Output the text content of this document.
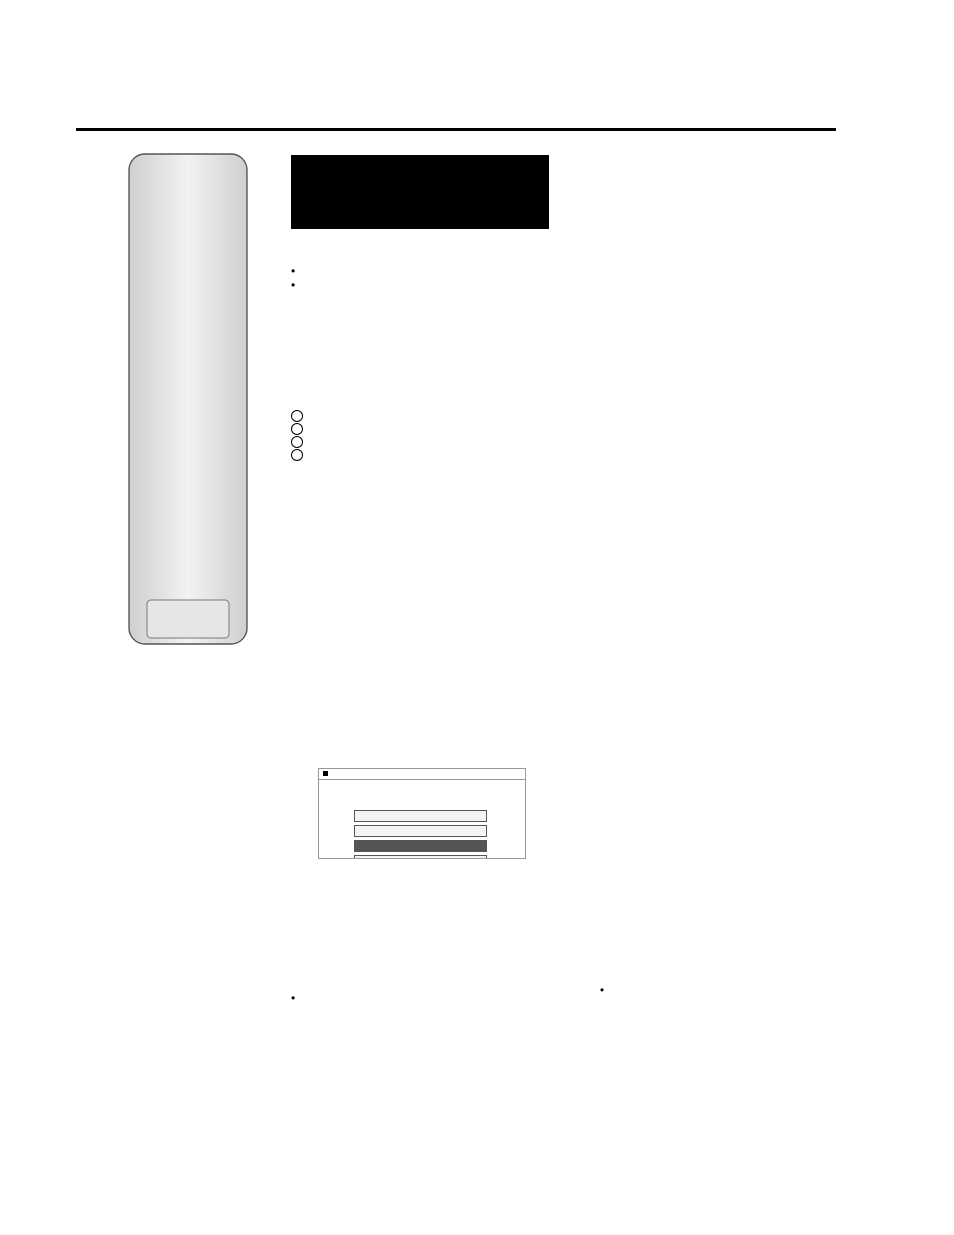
•
•
•	•
